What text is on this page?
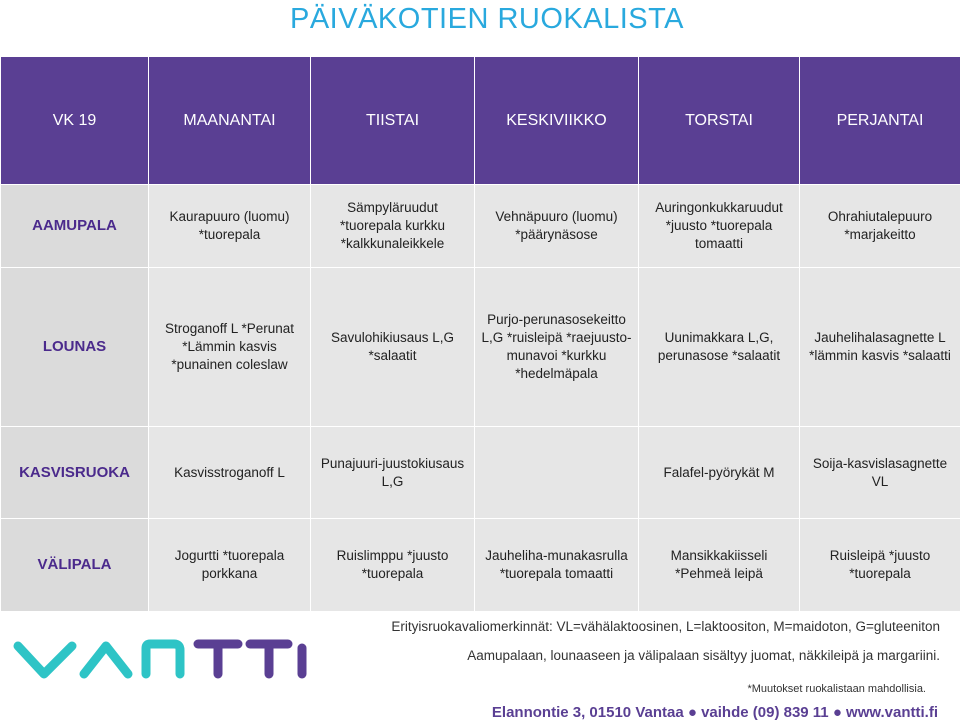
PÄIVÄKOTIEN RUOKALISTA
VK 19	MAANANTAI	TIISTAI	KESKIVIIKKO	TORSTAI	PERJANTAI
AAMUPALA	Kaurapuuro (luomu) *tuorepala	Sämpyläruudut *tuorepala kurkku *kalkkunaleikkele	Vehnäpuuro (luomu) *päärynäsose	Auringonkukkaruudut *juusto *tuorepala tomaatti	Ohrahiutalepuuro *marjakeitto
LOUNAS	Stroganoff L *Perunat *Lämmin kasvis *punainen coleslaw	Savulohikiusaus L,G *salaatit	Purjo-perunasosekeitto L,G *ruisleipä *raejuusto-munavoi *kurkku *hedelmäpala	Uunimakkara L,G, perunasose *salaatit	Jauhelihalasagnette L *lämmin kasvis *salaatti
KASVISRUOKA	Kasvisstroganoff L	Punajuuri-juustokiusaus L,G		Falafel-pyörykät M	Soija-kasvislasagnette VL
VÄLIPALA	Jogurtti *tuorepala porkkana	Ruislimppu *juusto *tuorepala	Jauheliha-munakasrulla *tuorepala tomaatti	Mansikkakiisseli *Pehmeä leipä	Ruisleipä *juusto *tuorepala
Erityisruokavaliomerkinnät: VL=vähälaktoosinen, L=laktoositon, M=maidoton, G=gluteeniton
Aamupalaan, lounaaseen ja välipalaan sisältyy juomat, näkkileipä ja margariini.
*Muutokset ruokalistaan mahdollisia.
Elannontie 3, 01510 Vantaa ● vaihde (09) 839 11 ● www.vantti.fi
